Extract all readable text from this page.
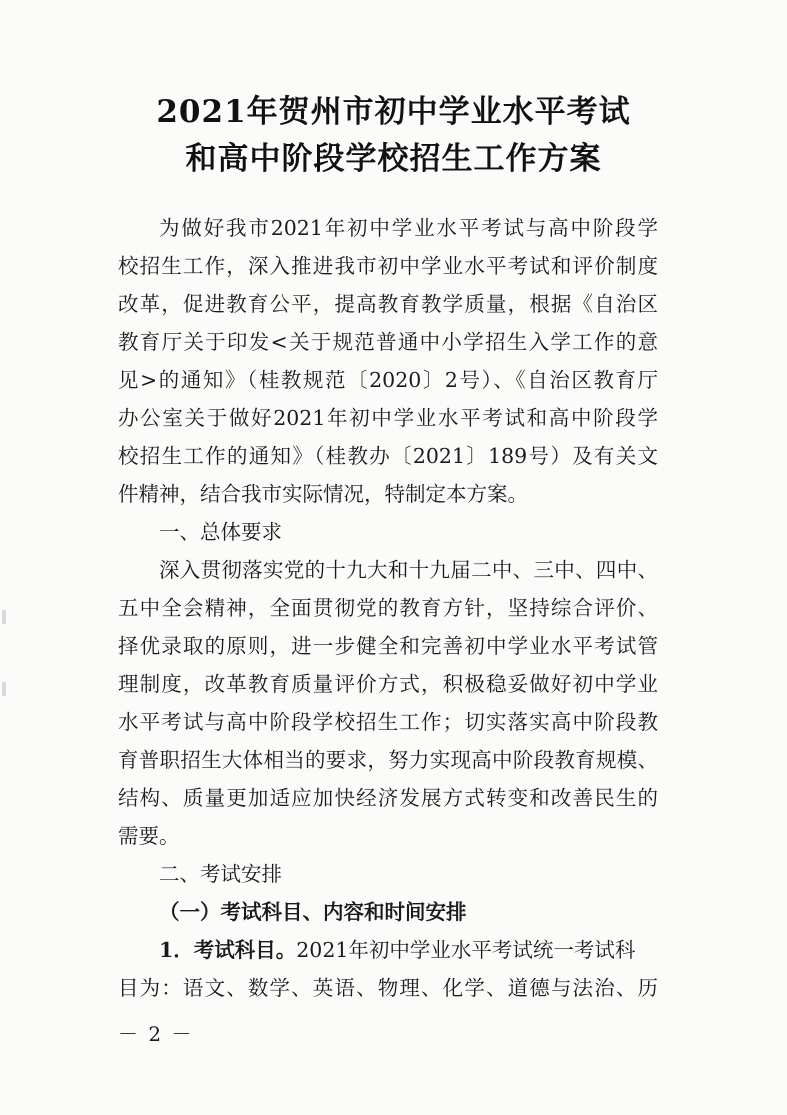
2021年贺州市初中学业水平考试
和高中阶段学校招生工作方案
为做好我市2021年初中学业水平考试与高中阶段学
校招生工作，深入推进我市初中学业水平考试和评价制度
改革，促进教育公平，提高教育教学质量，根据《自治区
教育厅关于印发<关于规范普通中小学招生入学工作的意
见>的通知》（桂教规范〔2020〕2号）、《自治区教育厅
办公室关于做好2021年初中学业水平考试和高中阶段学
校招生工作的通知》（桂教办〔2021〕189号）及有关文
件精神，结合我市实际情况，特制定本方案。
一、总体要求
深入贯彻落实党的十九大和十九届二中、三中、四中、
五中全会精神，全面贯彻党的教育方针，坚持综合评价、
择优录取的原则，进一步健全和完善初中学业水平考试管
理制度，改革教育质量评价方式，积极稳妥做好初中学业
水平考试与高中阶段学校招生工作；切实落实高中阶段教
育普职招生大体相当的要求，努力实现高中阶段教育规模、
结构、质量更加适应加快经济发展方式转变和改善民生的
需要。
二、考试安排
（一）考试科目、内容和时间安排
1．考试科目。2021年初中学业水平考试统一考试科
目为：语文、数学、英语、物理、化学、道德与法治、历
－ 2 －
